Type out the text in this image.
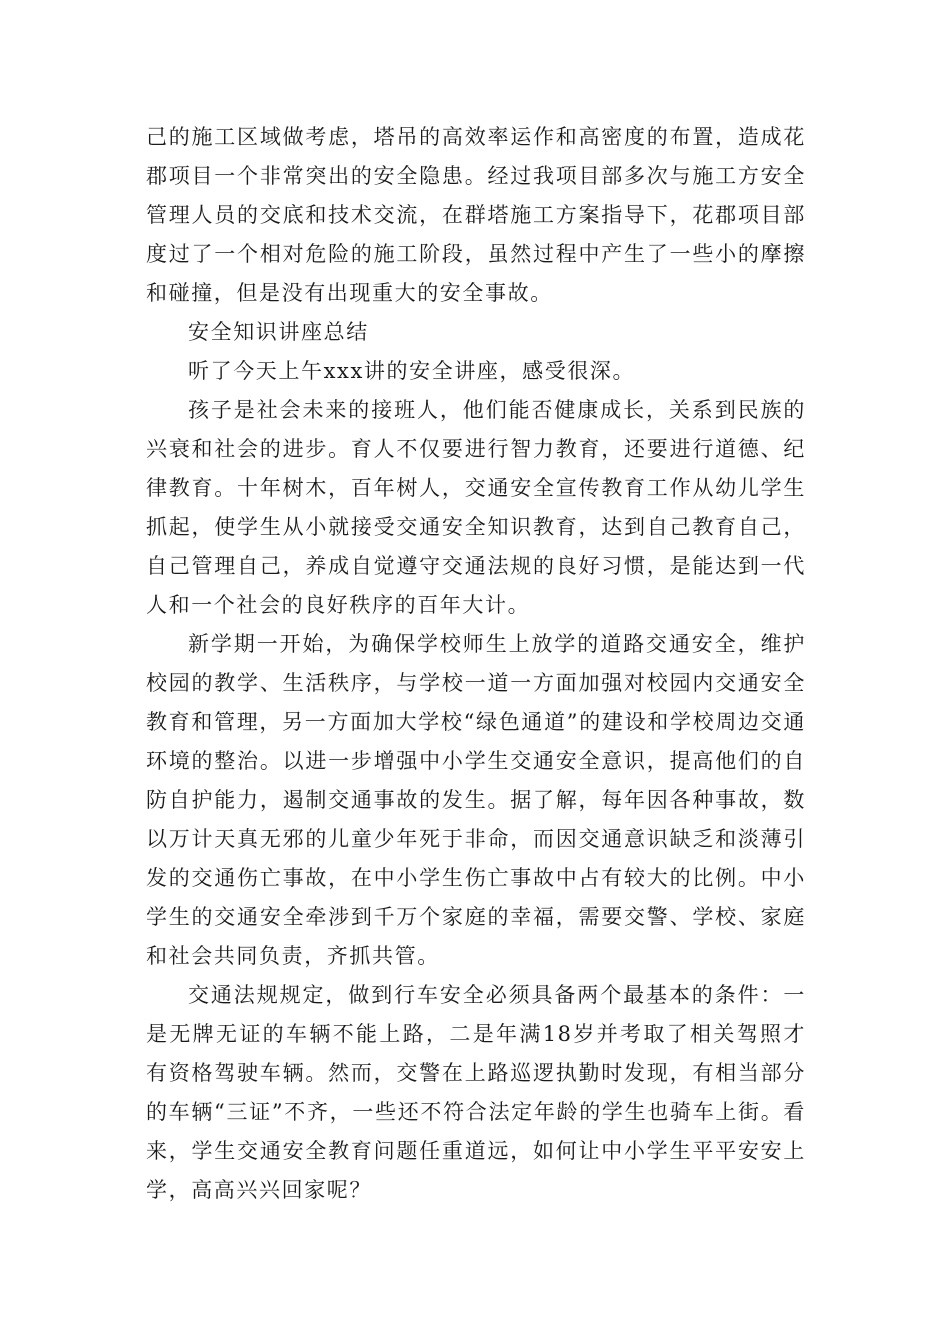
己的施工区域做考虑，塔吊的高效率运作和高密度的布置，造成花郡项目一个非常突出的安全隐患。经过我项目部多次与施工方安全管理人员的交底和技术交流，在群塔施工方案指导下，花郡项目部度过了一个相对危险的施工阶段，虽然过程中产生了一些小的摩擦和碰撞，但是没有出现重大的安全事故。

安全知识讲座总结

听了今天上午xxx讲的安全讲座，感受很深。

孩子是社会未来的接班人，他们能否健康成长，关系到民族的兴衰和社会的进步。育人不仅要进行智力教育，还要进行道德、纪律教育。十年树木，百年树人，交通安全宣传教育工作从幼儿学生抓起，使学生从小就接受交通安全知识教育，达到自己教育自己，自己管理自己，养成自觉遵守交通法规的良好习惯，是能达到一代人和一个社会的良好秩序的百年大计。

新学期一开始，为确保学校师生上放学的道路交通安全，维护校园的教学、生活秩序，与学校一道一方面加强对校园内交通安全教育和管理，另一方面加大学校“绿色通道”的建设和学校周边交通环境的整治。以进一步增强中小学生交通安全意识，提高他们的自防自护能力，遏制交通事故的发生。据了解，每年因各种事故，数以万计天真无邪的儿童少年死于非命，而因交通意识缺乏和淡薄引发的交通伤亡事故，在中小学生伤亡事故中占有较大的比例。中小学生的交通安全牵涉到千万个家庭的幸福，需要交警、学校、家庭和社会共同负责，齐抓共管。

交通法规规定，做到行车安全必须具备两个最基本的条件：一是无牌无证的车辆不能上路，二是年满18岁并考取了相关驾照才有资格驾驶车辆。然而，交警在上路巡逻执勤时发现，有相当部分的车辆“三证”不齐，一些还不符合法定年龄的学生也骑车上街。看来，学生交通安全教育问题任重道远，如何让中小学生平平安安上学，高高兴兴回家呢？
